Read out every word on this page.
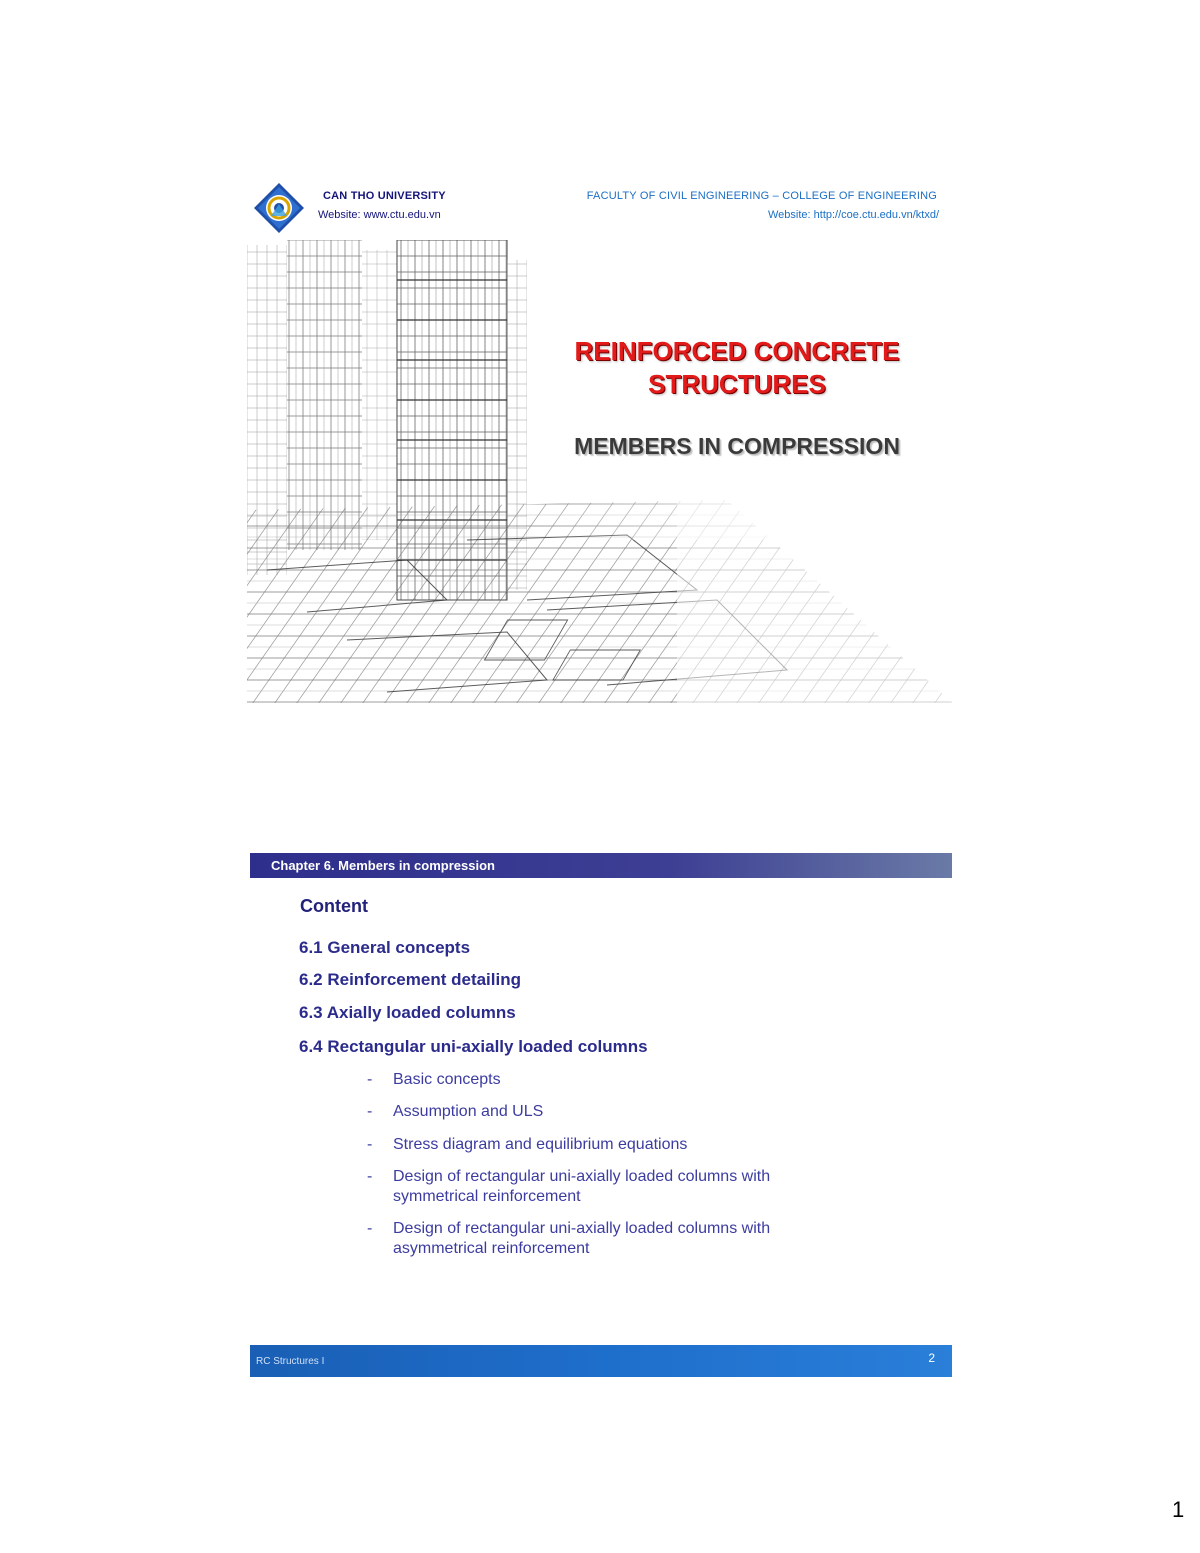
CAN THO UNIVERSITY
Website: www.ctu.edu.vn
FACULTY OF CIVIL ENGINEERING – COLLEGE OF ENGINEERING
Website: http://coe.ctu.edu.vn/ktxd/
REINFORCED CONCRETE
STRUCTURES
MEMBERS IN COMPRESSION
Chapter 6. Members in compression
Content
6.1 General concepts
6.2 Reinforcement detailing
6.3 Axially loaded columns
6.4 Rectangular uni-axially loaded columns
- Basic concepts
- Assumption and ULS
- Stress diagram and equilibrium equations
- Design of rectangular uni-axially loaded columns with symmetrical reinforcement
- Design of rectangular uni-axially loaded columns with asymmetrical reinforcement
RC Structures I	2
1
